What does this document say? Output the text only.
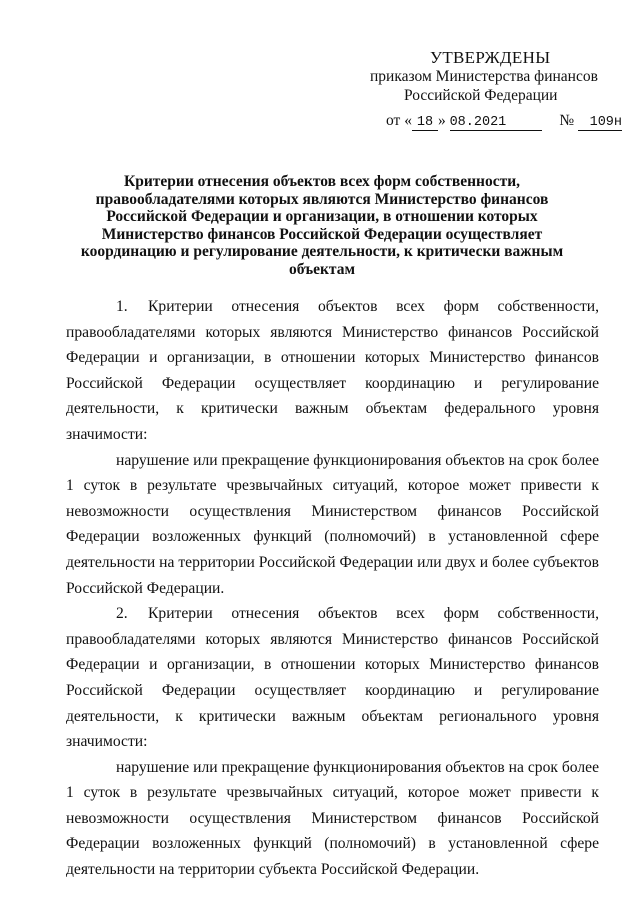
УТВЕРЖДЕНЫ
приказом Министерства финансов
Российской Федерации
от « 18 » 08.2021	№ 109н
Критерии отнесения объектов всех форм собственности, правообладателями которых являются Министерство финансов Российской Федерации и организации, в отношении которых Министерство финансов Российской Федерации осуществляет координацию и регулирование деятельности, к критически важным объектам

1. Критерии отнесения объектов всех форм собственности, правообладателями которых являются Министерство финансов Российской Федерации и организации, в отношении которых Министерство финансов Российской Федерации осуществляет координацию и регулирование деятельности, к критически важным объектам федерального уровня значимости:

нарушение или прекращение функционирования объектов на срок более 1 суток в результате чрезвычайных ситуаций, которое может привести к невозможности осуществления Министерством финансов Российской Федерации возложенных функций (полномочий) в установленной сфере деятельности на территории Российской Федерации или двух и более субъектов Российской Федерации.

2. Критерии отнесения объектов всех форм собственности, правообладателями которых являются Министерство финансов Российской Федерации и организации, в отношении которых Министерство финансов Российской Федерации осуществляет координацию и регулирование деятельности, к критически важным объектам регионального уровня значимости:

нарушение или прекращение функционирования объектов на срок более 1 суток в результате чрезвычайных ситуаций, которое может привести к невозможности осуществления Министерством финансов Российской Федерации возложенных функций (полномочий) в установленной сфере деятельности на территории субъекта Российской Федерации.
